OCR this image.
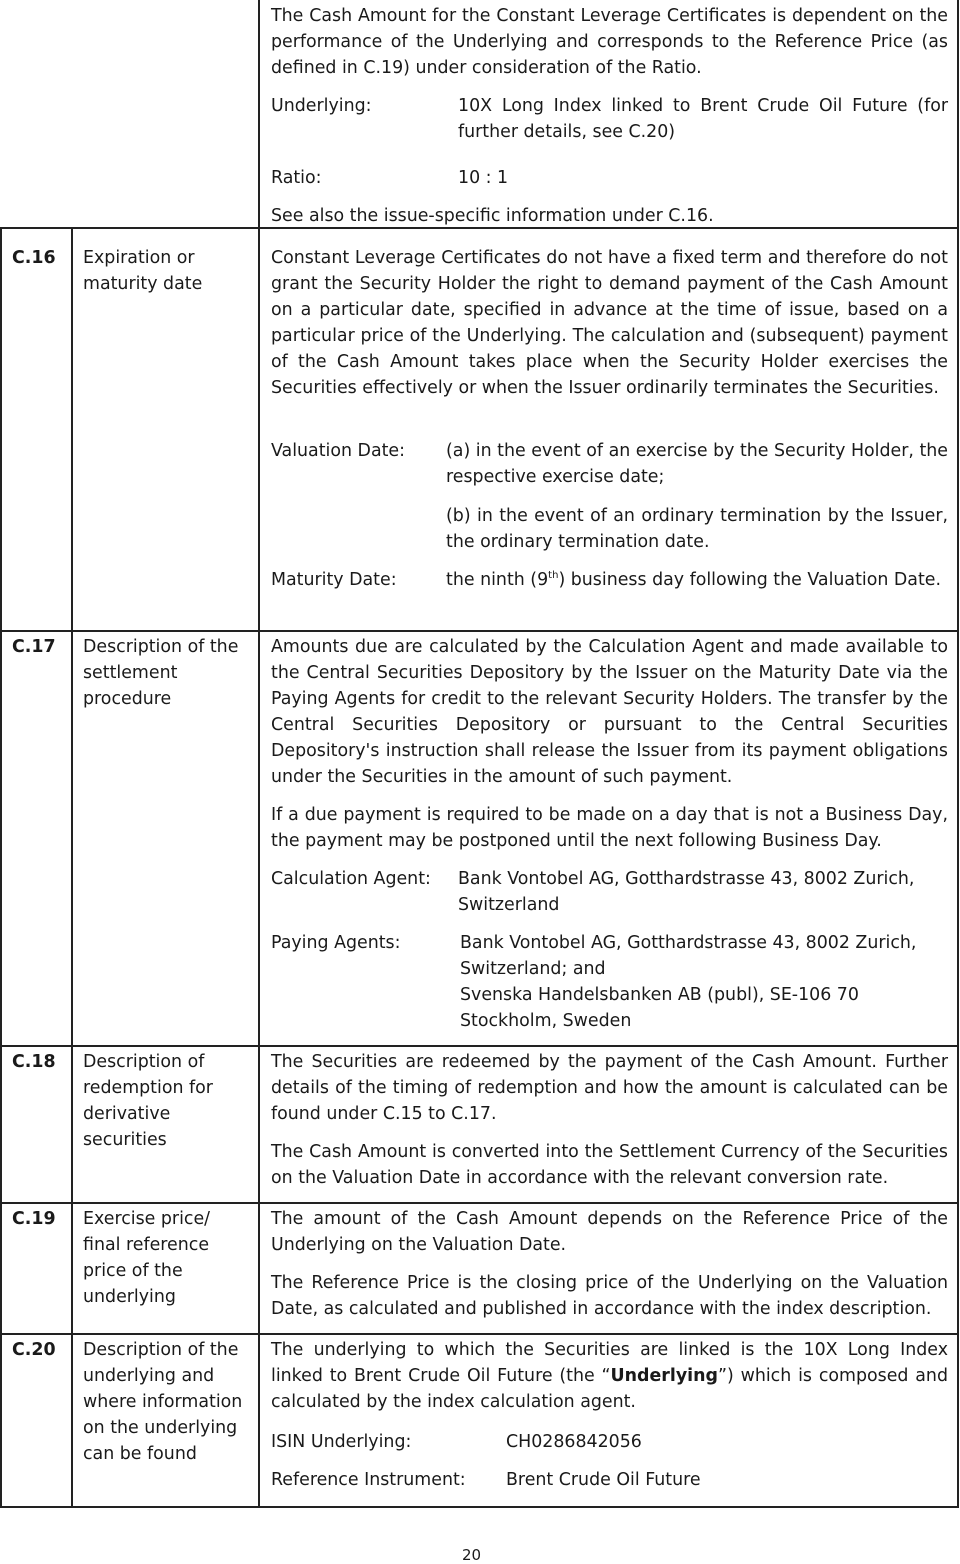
The Cash Amount for the Constant Leverage Certificates is dependent on the performance of the Underlying and corresponds to the Reference Price (as defined in C.19) under consideration of the Ratio.

Underlying:	10X Long Index linked to Brent Crude Oil Future (for further details, see C.20)

Ratio:	10 : 1

See also the issue-specific information under C.16.

C.16 Expiration or maturity date

Constant Leverage Certificates do not have a fixed term and therefore do not grant the Security Holder the right to demand payment of the Cash Amount on a particular date, specified in advance at the time of issue, based on a particular price of the Underlying. The calculation and (subsequent) payment of the Cash Amount takes place when the Security Holder exercises the Securities effectively or when the Issuer ordinarily terminates the Securities.

Valuation Date: (a) in the event of an exercise by the Security Holder, the respective exercise date;

(b) in the event of an ordinary termination by the Issuer, the ordinary termination date.

Maturity Date:	the ninth (9th) business day following the Valuation Date.

C.17 Description of the settlement procedure

Amounts due are calculated by the Calculation Agent and made available to the Central Securities Depository by the Issuer on the Maturity Date via the Paying Agents for credit to the relevant Security Holders. The transfer by the Central Securities Depository or pursuant to the Central Securities Depository's instruction shall release the Issuer from its payment obligations under the Securities in the amount of such payment.

If a due payment is required to be made on a day that is not a Business Day, the payment may be postponed until the next following Business Day.

Calculation Agent: Bank Vontobel AG, Gotthardstrasse 43, 8002 Zurich, Switzerland

Paying Agents:	Bank Vontobel AG, Gotthardstrasse 43, 8002 Zurich, Switzerland; and

Svenska Handelsbanken AB (publ), SE-106 70 Stockholm, Sweden

C.18 Description of redemption for derivative securities

The Securities are redeemed by the payment of the Cash Amount. Further details of the timing of redemption and how the amount is calculated can be found under C.15 to C.17.

The Cash Amount is converted into the Settlement Currency of the Securities on the Valuation Date in accordance with the relevant conversion rate.

C.19 Exercise price/ final reference price of the underlying

The amount of the Cash Amount depends on the Reference Price of the Underlying on the Valuation Date.

The Reference Price is the closing price of the Underlying on the Valuation Date, as calculated and published in accordance with the index description.

C.20 Description of the underlying and where information on the underlying can be found

The underlying to which the Securities are linked is the 10X Long Index linked to Brent Crude Oil Future (the “Underlying”) which is composed and calculated by the index calculation agent.

ISIN Underlying:	CH0286842056
Reference Instrument: Brent Crude Oil Future
20
